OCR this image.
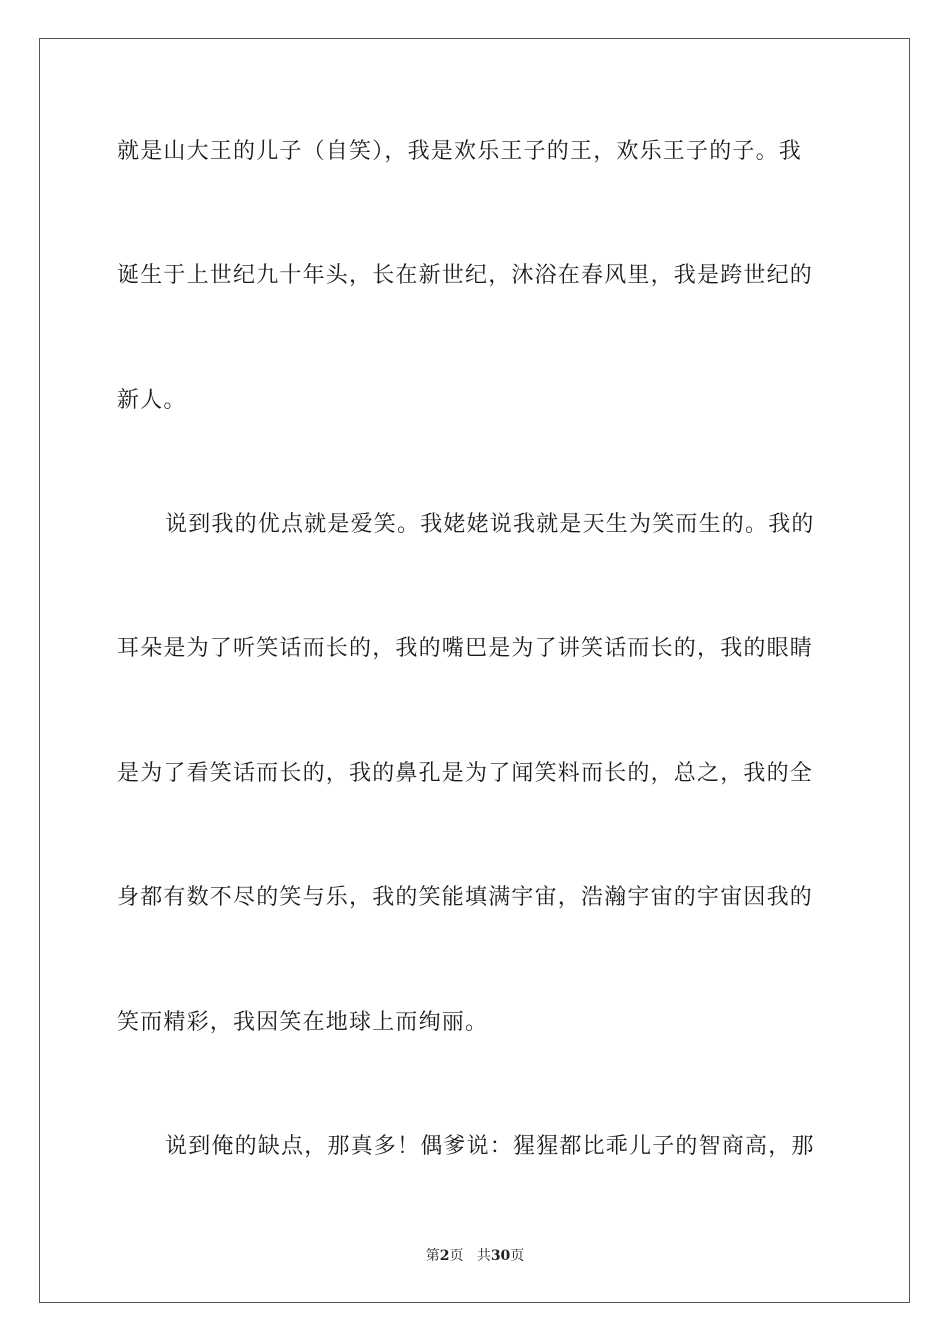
就是山大王的儿子（自笑），我是欢乐王子的王，欢乐王子的子。我
诞生于上世纪九十年头，长在新世纪，沐浴在春风里，我是跨世纪的
新人。
说到我的优点就是爱笑。我姥姥说我就是天生为笑而生的。我的
耳朵是为了听笑话而长的，我的嘴巴是为了讲笑话而长的，我的眼睛
是为了看笑话而长的，我的鼻孔是为了闻笑料而长的，总之，我的全
身都有数不尽的笑与乐，我的笑能填满宇宙，浩瀚宇宙的宇宙因我的
笑而精彩，我因笑在地球上而绚丽。
说到俺的缺点，那真多！偶爹说：猩猩都比乖儿子的智商高，那
第2页 共30页
